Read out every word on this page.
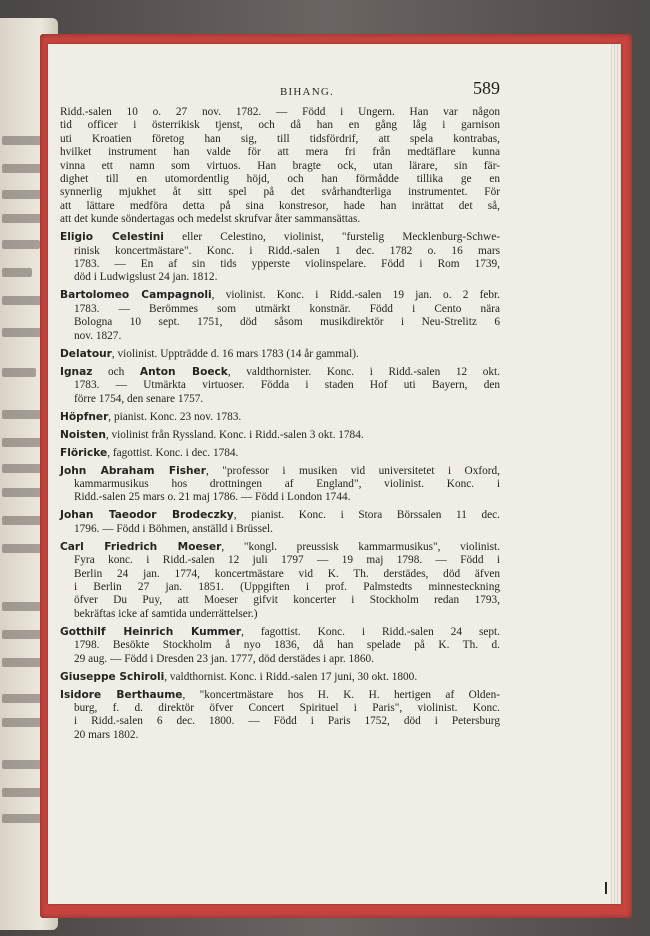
BIHANG.	589
Ridd.-salen 10 o. 27 nov. 1782. — Född i Ungern. Han var någon
tid officer i österrikisk tjenst, och då han en gång låg i garnison
uti Kroatien företog han sig, till tidsfördrif, att spela kontrabas,
hvilket instrument han valde för att mera fri från medtäflare kunna
vinna ett namn som virtuos. Han bragte ock, utan lärare, sin fär-
dighet till en utomordentlig höjd, och han förmådde tillika ge en
synnerlig mjukhet åt sitt spel på det svårhandterliga instrumentet. För
att lättare medföra detta på sina konstresor, hade han inrättat det så,
att det kunde söndertagas och medelst skrufvar åter sammansättas.
Eligio Celestini eller Celestino, violinist, "furstelig Mecklenburg-Schwe-
rinisk koncertmästare". Konc. i Ridd.-salen 1 dec. 1782 o. 16 mars
1783. — En af sin tids ypperste violinspelare. Född i Rom 1739,
död i Ludwigslust 24 jan. 1812.
Bartolomeo Campagnoli, violinist. Konc. i Ridd.-salen 19 jan. o. 2 febr.
1783. — Berömmes som utmärkt konstnär. Född i Cento nära
Bologna 10 sept. 1751, död såsom musikdirektör i Neu-Strelitz 6
nov. 1827.
Delatour, violinist. Uppträdde d. 16 mars 1783 (14 år gammal).
Ignaz och Anton Boeck, valdthornister. Konc. i Ridd.-salen 12 okt.
1783. — Utmärkta virtuoser. Födda i staden Hof uti Bayern, den
förre 1754, den senare 1757.
Höpfner, pianist. Konc. 23 nov. 1783.
Noisten, violinist från Ryssland. Konc. i Ridd.-salen 3 okt. 1784.
Flöricke, fagottist. Konc. i dec. 1784.
John Abraham Fisher, "professor i musiken vid universitetet i Oxford,
kammarmusikus hos drottningen af England", violinist. Konc. i
Ridd.-salen 25 mars o. 21 maj 1786. — Född i London 1744.
Johan Taeodor Brodeczky, pianist. Konc. i Stora Börssalen 11 dec.
1796. — Född i Böhmen, anställd i Brüssel.
Carl Friedrich Moeser, "kongl. preussisk kammarmusikus", violinist.
Fyra konc. i Ridd.-salen 12 juli 1797 — 19 maj 1798. — Född i
Berlin 24 jan. 1774, koncertmästare vid K. Th. derstädes, död äfven
i Berlin 27 jan. 1851. (Uppgiften i prof. Palmstedts minnesteckning
öfver Du Puy, att Moeser gifvit koncerter i Stockholm redan 1793,
bekräftas icke af samtida underrättelser.)
Gotthilf Heinrich Kummer, fagottist. Konc. i Ridd.-salen 24 sept.
1798. Besökte Stockholm å nyo 1836, då han spelade på K. Th. d.
29 aug. — Född i Dresden 23 jan. 1777, död derstädes i apr. 1860.
Giuseppe Schiroli, valdthornist. Konc. i Ridd.-salen 17 juni, 30 okt. 1800.
Isidore Berthaume, "koncertmästare hos H. K. H. hertigen af Olden-
burg, f. d. direktör öfver Concert Spirituel i Paris", violinist. Konc.
i Ridd.-salen 6 dec. 1800. — Född i Paris 1752, död i Petersburg
20 mars 1802.
